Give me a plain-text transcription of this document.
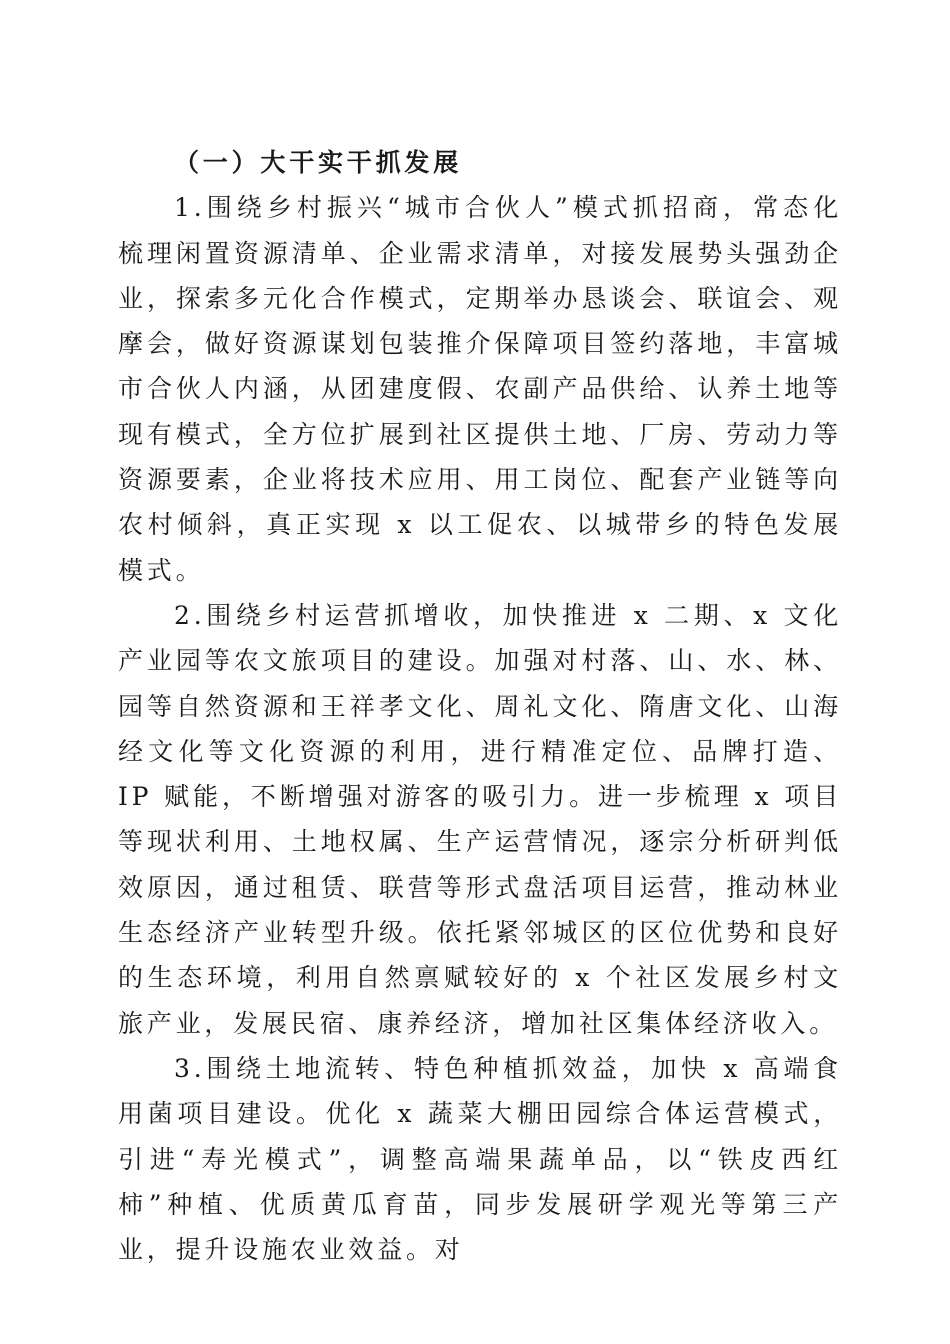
（一）大干实干抓发展

1.围绕乡村振兴“城市合伙人”模式抓招商，常态化梳理闲置资源清单、企业需求清单，对接发展势头强劲企业，探索多元化合作模式，定期举办恳谈会、联谊会、观摩会，做好资源谋划包装推介保障项目签约落地，丰富城市合伙人内涵，从团建度假、农副产品供给、认养土地等现有模式，全方位扩展到社区提供土地、厂房、劳动力等资源要素，企业将技术应用、用工岗位、配套产业链等向农村倾斜，真正实现 x 以工促农、以城带乡的特色发展模式。

2.围绕乡村运营抓增收，加快推进 x 二期、x 文化产业园等农文旅项目的建设。加强对村落、山、水、林、园等自然资源和王祥孝文化、周礼文化、隋唐文化、山海经文化等文化资源的利用，进行精准定位、品牌打造、IP 赋能，不断增强对游客的吸引力。进一步梳理 x 项目等现状利用、土地权属、生产运营情况，逐宗分析研判低效原因，通过租赁、联营等形式盘活项目运营，推动林业生态经济产业转型升级。依托紧邻城区的区位优势和良好的生态环境，利用自然禀赋较好的 x 个社区发展乡村文旅产业，发展民宿、康养经济，增加社区集体经济收入。

3.围绕土地流转、特色种植抓效益，加快 x 高端食用菌项目建设。优化 x 蔬菜大棚田园综合体运营模式，引进“寿光模式”，调整高端果蔬单品，以“铁皮西红柿”种植、优质黄瓜育苗，同步发展研学观光等第三产业，提升设施农业效益。对
